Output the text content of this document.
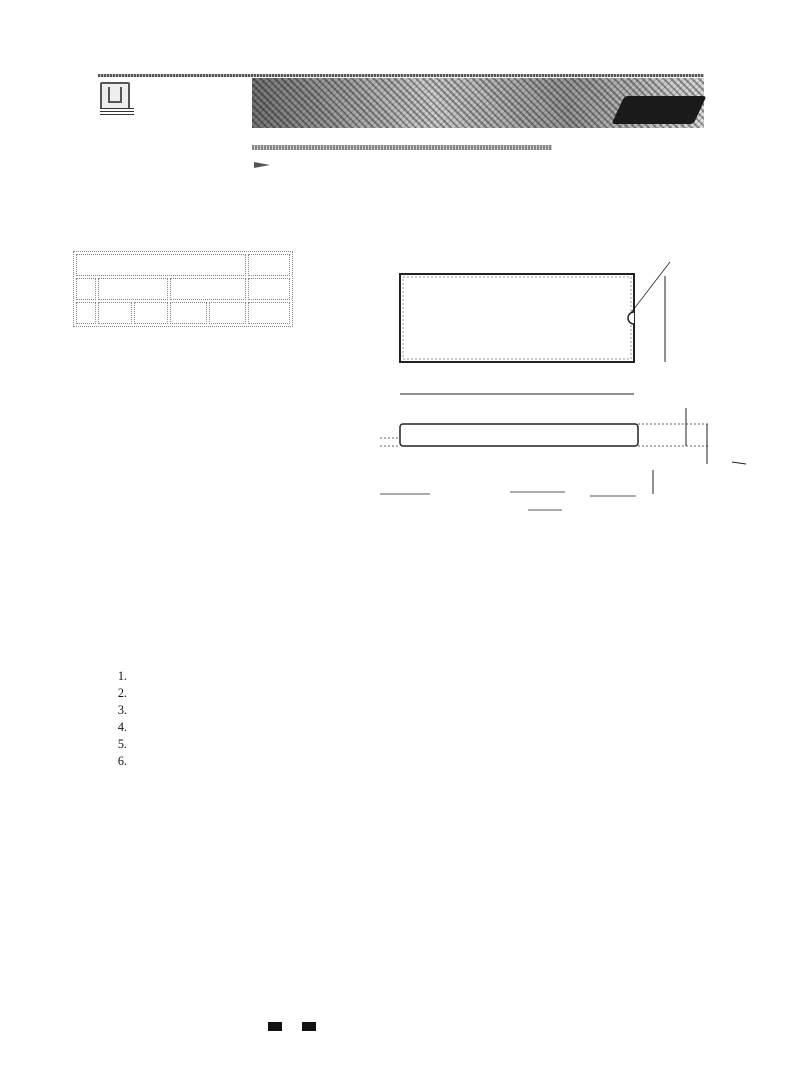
1.
2.
3.
4.
5.
6.
